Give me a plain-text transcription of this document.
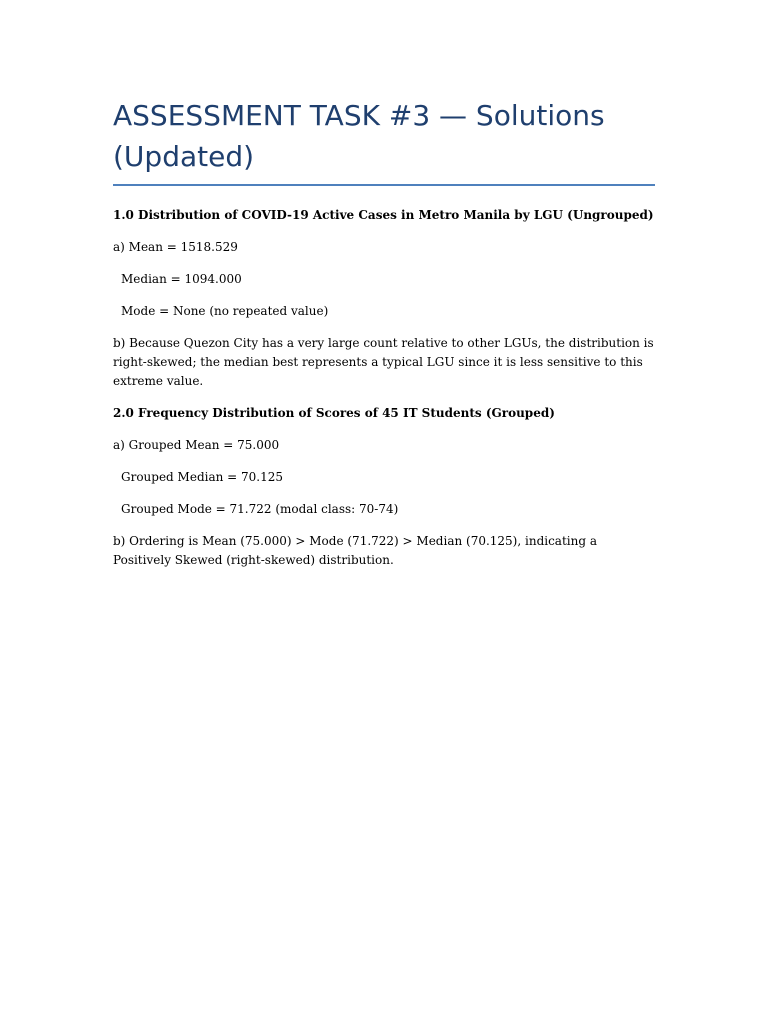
ASSESSMENT TASK #3 — Solutions (Updated)

1.0 Distribution of COVID-19 Active Cases in Metro Manila by LGU (Ungrouped)

a) Mean = 1518.529

Median = 1094.000

Mode = None (no repeated value)

b) Because Quezon City has a very large count relative to other LGUs, the distribution is right-skewed; the median best represents a typical LGU since it is less sensitive to this extreme value.

2.0 Frequency Distribution of Scores of 45 IT Students (Grouped)

a) Grouped Mean = 75.000

Grouped Median = 70.125

Grouped Mode = 71.722 (modal class: 70-74)

b) Ordering is Mean (75.000) > Mode (71.722) > Median (70.125), indicating a Positively Skewed (right-skewed) distribution.
